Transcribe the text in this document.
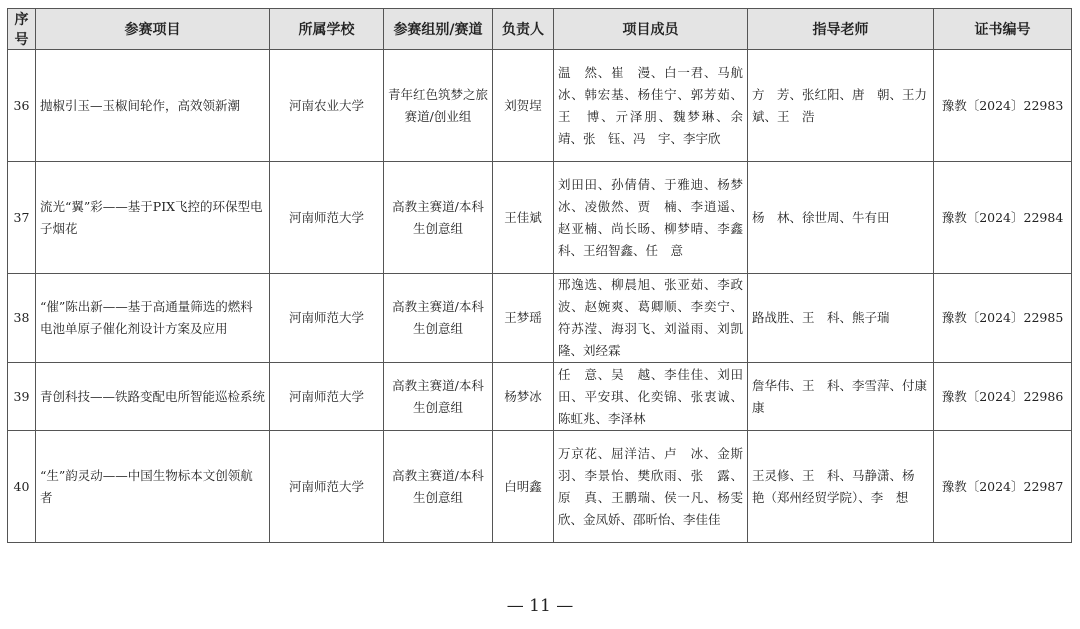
序号	参赛项目	所属学校	参赛组别/赛道	负责人	项目成员	指导老师	证书编号
36	抛椒引玉—玉椒间轮作，高效领新潮	河南农业大学	青年红色筑梦之旅赛道/创业组	刘贺埕	温　然、崔　漫、白一君、马航冰、韩宏基、杨佳宁、郭芳茹、王　博、亓泽朋、魏梦琳、余　靖、张　钰、冯　宇、李宇欣	方　芳、张红阳、唐　朝、王力斌、王　浩	豫教〔2024〕22983
37	流光“翼”彩——基于PIX飞控的环保型电子烟花	河南师范大学	高教主赛道/本科生创意组	王佳斌	刘田田、孙倩倩、于雅迪、杨梦冰、凌傲然、贾　楠、李逍遥、赵亚楠、尚长旸、柳梦晴、李鑫科、王绍智鑫、任　意	杨　林、徐世周、牛有田	豫教〔2024〕22984
38	“催”陈出新——基于高通量筛选的燃料电池单原子催化剂设计方案及应用	河南师范大学	高教主赛道/本科生创意组	王梦瑶	邢逸选、柳晨旭、张亚茹、李政波、赵婉爽、葛卿顺、李奕宁、符苏滢、海羽飞、刘溢雨、刘凯隆、刘经霖	路战胜、王　科、熊子瑞	豫教〔2024〕22985
39	青创科技——铁路变配电所智能巡检系统	河南师范大学	高教主赛道/本科生创意组	杨梦冰	任　意、吴　越、李佳佳、刘田田、平安琪、化奕锦、张衷诚、陈虹兆、李泽林	詹华伟、王　科、李雪萍、付康康	豫教〔2024〕22986
40	“生”韵灵动——中国生物标本文创领航者	河南师范大学	高教主赛道/本科生创意组	白明鑫	万京花、屈洋洁、卢　冰、金斯羽、李景怡、樊欣雨、张　露、原　真、王鹏瑞、侯一凡、杨雯欣、金凤娇、邵昕怡、李佳佳	王灵修、王　科、马静潇、杨　艳（郑州经贸学院）、李　想	豫教〔2024〕22987
— 11 —
